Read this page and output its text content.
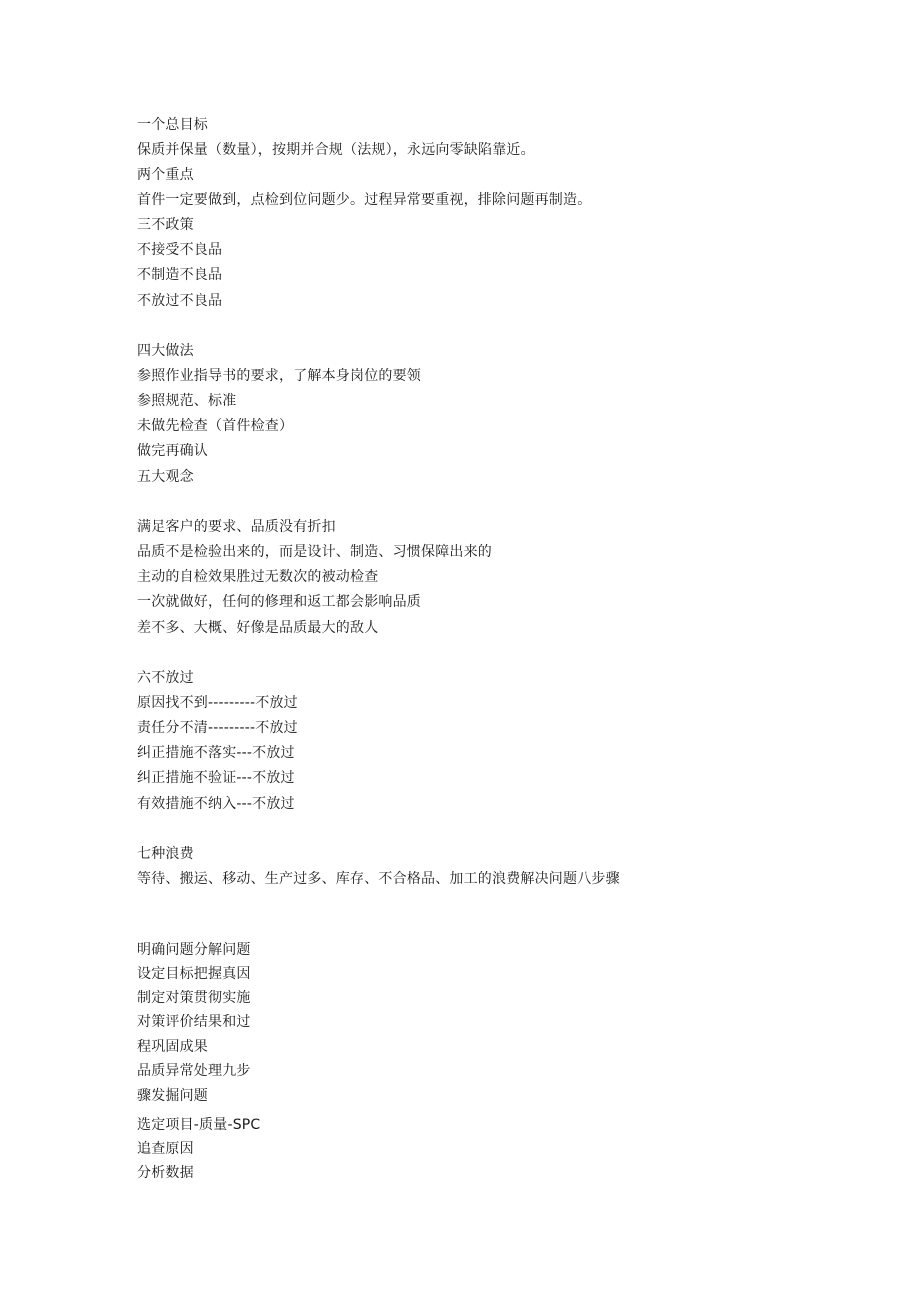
一个总目标
保质并保量（数量），按期并合规（法规），永远向零缺陷靠近。
两个重点
首件一定要做到，点检到位问题少。过程异常要重视，排除问题再制造。
三不政策
不接受不良品
不制造不良品
不放过不良品
四大做法
参照作业指导书的要求，了解本身岗位的要领
参照规范、标准
未做先检查（首件检查）
做完再确认
五大观念
满足客户的要求、品质没有折扣
品质不是检验出来的，而是设计、制造、习惯保障出来的
主动的自检效果胜过无数次的被动检查
一次就做好，任何的修理和返工都会影响品质
差不多、大概、好像是品质最大的敌人
六不放过
原因找不到---------不放过
责任分不清---------不放过
纠正措施不落实---不放过
纠正措施不验证---不放过
有效措施不纳入---不放过
七种浪费
等待、搬运、移动、生产过多、库存、不合格品、加工的浪费解决问题八步骤
明确问题分解问题
设定目标把握真因
制定对策贯彻实施
对策评价结果和过
程巩固成果
品质异常处理九步
骤发掘问题
选定项目-质量-SPC
追查原因
分析数据
